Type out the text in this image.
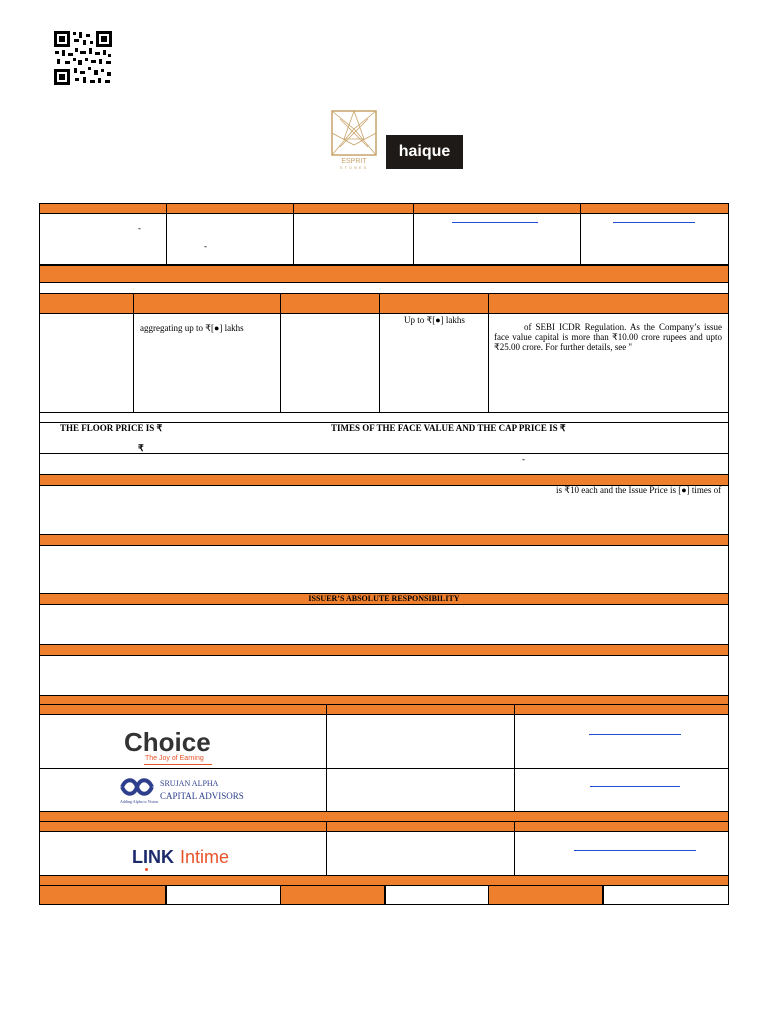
ESPRIT
STONES
haique
-
-
aggregating up to ₹[●] lakhs
Up to ₹[●] lakhs
of SEBI ICDR Regulation. As the Company’s issue face value capital is more than ₹10.00 crore rupees and upto ₹25.00 crore. For further details, see "
THE FLOOR PRICE IS ₹	TIMES OF THE FACE VALUE AND THE CAP PRICE IS ₹
₹
-
is ₹10 each and the Issue Price is [●] times of
ISSUER’S ABSOLUTE RESPONSIBILITY
Choice
The Joy of Earning
SRUJAN ALPHA
CAPITAL ADVISORS
Adding Alpha to Vision
LINK Intime
